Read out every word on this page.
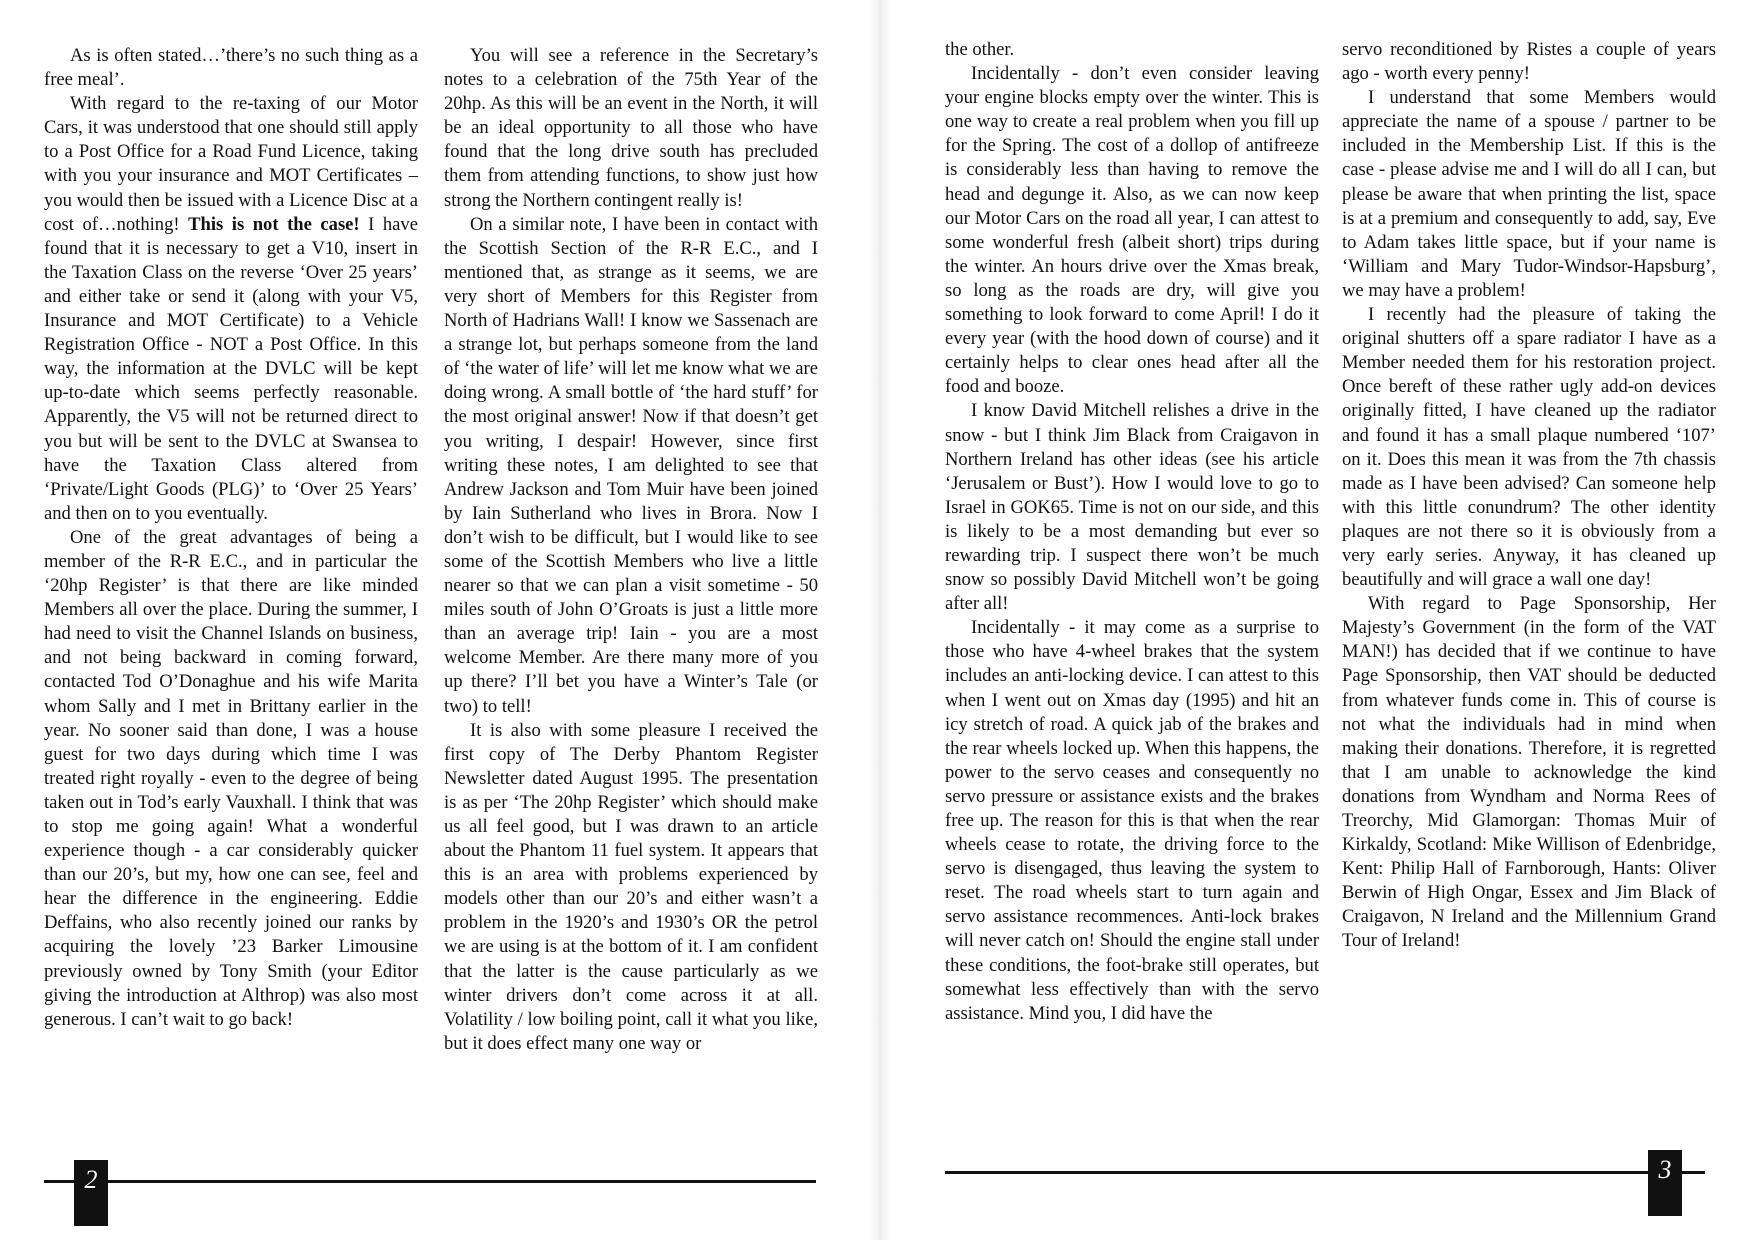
As is often stated…’there’s no such thing as a free meal’.

With regard to the re-taxing of our Motor Cars, it was understood that one should still apply to a Post Office for a Road Fund Licence, taking with you your insurance and MOT Certificates – you would then be issued with a Licence Disc at a cost of…nothing! This is not the case! I have found that it is necessary to get a V10, insert in the Taxation Class on the reverse ‘Over 25 years’ and either take or send it (along with your V5, Insurance and MOT Certificate) to a Vehicle Registration Office - NOT a Post Office. In this way, the information at the DVLC will be kept up-to-date which seems perfectly reasonable. Apparently, the V5 will not be returned direct to you but will be sent to the DVLC at Swansea to have the Taxation Class altered from ‘Private/Light Goods (PLG)’ to ‘Over 25 Years’ and then on to you eventually.

One of the great advantages of being a member of the R-R E.C., and in particular the ‘20hp Register’ is that there are like minded Members all over the place. During the summer, I had need to visit the Channel Islands on business, and not being backward in coming forward, contacted Tod O’Donaghue and his wife Marita whom Sally and I met in Brittany earlier in the year. No sooner said than done, I was a house guest for two days during which time I was treated right royally - even to the degree of being taken out in Tod’s early Vauxhall. I think that was to stop me going again! What a wonderful experience though - a car considerably quicker than our 20’s, but my, how one can see, feel and hear the difference in the engineering. Eddie Deffains, who also recently joined our ranks by acquiring the lovely ’23 Barker Limousine previously owned by Tony Smith (your Editor giving the introduction at Althrop) was also most generous. I can’t wait to go back!

You will see a reference in the Secretary’s notes to a celebration of the 75th Year of the 20hp. As this will be an event in the North, it will be an ideal opportunity to all those who have found that the long drive south has precluded them from attending functions, to show just how strong the Northern contingent really is!

On a similar note, I have been in contact with the Scottish Section of the R-R E.C., and I mentioned that, as strange as it seems, we are very short of Members for this Register from North of Hadrians Wall! I know we Sassenach are a strange lot, but perhaps someone from the land of ‘the water of life’ will let me know what we are doing wrong. A small bottle of ‘the hard stuff’ for the most original answer! Now if that doesn’t get you writing, I despair! However, since first writing these notes, I am delighted to see that Andrew Jackson and Tom Muir have been joined by Iain Sutherland who lives in Brora. Now I don’t wish to be difficult, but I would like to see some of the Scottish Members who live a little nearer so that we can plan a visit sometime - 50 miles south of John O’Groats is just a little more than an average trip! Iain - you are a most welcome Member. Are there many more of you up there? I’ll bet you have a Winter’s Tale (or two) to tell!

It is also with some pleasure I received the first copy of The Derby Phantom Register Newsletter dated August 1995. The presentation is as per ‘The 20hp Register’ which should make us all feel good, but I was drawn to an article about the Phantom 11 fuel system. It appears that this is an area with problems experienced by models other than our 20’s and either wasn’t a problem in the 1920’s and 1930’s OR the petrol we are using is at the bottom of it. I am confident that the latter is the cause particularly as we winter drivers don’t come across it at all. Volatility / low boiling point, call it what you like, but it does effect many one way or

2

the other.

Incidentally - don’t even consider leaving your engine blocks empty over the winter. This is one way to create a real problem when you fill up for the Spring. The cost of a dollop of antifreeze is considerably less than having to remove the head and degunge it. Also, as we can now keep our Motor Cars on the road all year, I can attest to some wonderful fresh (albeit short) trips during the winter. An hours drive over the Xmas break, so long as the roads are dry, will give you something to look forward to come April! I do it every year (with the hood down of course) and it certainly helps to clear ones head after all the food and booze.

I know David Mitchell relishes a drive in the snow - but I think Jim Black from Craigavon in Northern Ireland has other ideas (see his article ‘Jerusalem or Bust’). How I would love to go to Israel in GOK65. Time is not on our side, and this is likely to be a most demanding but ever so rewarding trip. I suspect there won’t be much snow so possibly David Mitchell won’t be going after all!

Incidentally - it may come as a surprise to those who have 4-wheel brakes that the system includes an anti-locking device. I can attest to this when I went out on Xmas day (1995) and hit an icy stretch of road. A quick jab of the brakes and the rear wheels locked up. When this happens, the power to the servo ceases and consequently no servo pressure or assistance exists and the brakes free up. The reason for this is that when the rear wheels cease to rotate, the driving force to the servo is disengaged, thus leaving the system to reset. The road wheels start to turn again and servo assistance recommences. Anti-lock brakes will never catch on! Should the engine stall under these conditions, the foot-brake still operates, but somewhat less effectively than with the servo assistance. Mind you, I did have the

servo reconditioned by Ristes a couple of years ago - worth every penny!

I understand that some Members would appreciate the name of a spouse / partner to be included in the Membership List. If this is the case - please advise me and I will do all I can, but please be aware that when printing the list, space is at a premium and consequently to add, say, Eve to Adam takes little space, but if your name is ‘William and Mary Tudor-Windsor-Hapsburg’, we may have a problem!

I recently had the pleasure of taking the original shutters off a spare radiator I have as a Member needed them for his restoration project. Once bereft of these rather ugly add-on devices originally fitted, I have cleaned up the radiator and found it has a small plaque numbered ‘107’ on it. Does this mean it was from the 7th chassis made as I have been advised? Can someone help with this little conundrum? The other identity plaques are not there so it is obviously from a very early series. Anyway, it has cleaned up beautifully and will grace a wall one day!

With regard to Page Sponsorship, Her Majesty’s Government (in the form of the VAT MAN!) has decided that if we continue to have Page Sponsorship, then VAT should be deducted from whatever funds come in. This of course is not what the individuals had in mind when making their donations. Therefore, it is regretted that I am unable to acknowledge the kind donations from Wyndham and Norma Rees of Treorchy, Mid Glamorgan: Thomas Muir of Kirkaldy, Scotland: Mike Willison of Edenbridge, Kent: Philip Hall of Farnborough, Hants: Oliver Berwin of High Ongar, Essex and Jim Black of Craigavon, N Ireland and the Millennium Grand Tour of Ireland!

3
